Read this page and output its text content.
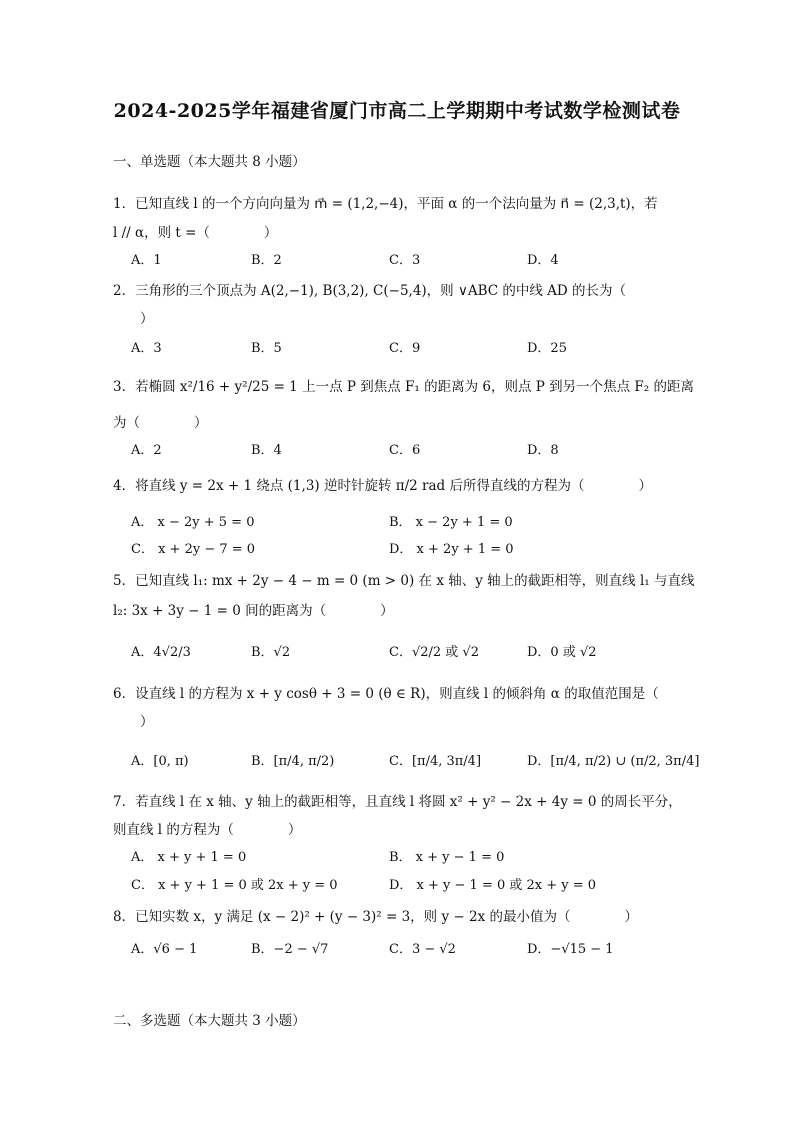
2024-2025学年福建省厦门市高二上学期期中考试数学检测试卷
一、单选题（本大题共 8 小题）
1．已知直线 l 的一个方向向量为 m⃗ = (1,2,−4)，平面 α 的一个法向量为 n⃗ = (2,3,t)，若
l // α，则 t =（　　　　）
A．1	B．2	C．3	D．4
2．三角形的三个顶点为 A(2,−1), B(3,2), C(−5,4)，则 ∨ABC 的中线 AD 的长为（
　　）
A．3	B．5	C．9	D．25
3．若椭圆 x²/16 + y²/25 = 1 上一点 P 到焦点 F₁ 的距离为 6，则点 P 到另一个焦点 F₂ 的距离
为（　　　　）
A．2	B．4	C．6	D．8
4．将直线 y = 2x + 1 绕点 (1,3) 逆时针旋转 π/2 rad 后所得直线的方程为（　　　　）
A． x − 2y + 5 = 0	B． x − 2y + 1 = 0
C． x + 2y − 7 = 0	D． x + 2y + 1 = 0
5．已知直线 l₁: mx + 2y − 4 − m = 0 (m > 0) 在 x 轴、y 轴上的截距相等，则直线 l₁ 与直线
l₂: 3x + 3y − 1 = 0 间的距离为（　　　　）
A．4√2/3	B．√2	C．√2/2 或 √2	D．0 或 √2
6．设直线 l 的方程为 x + y cosθ + 3 = 0 (θ ∈ R)，则直线 l 的倾斜角 α 的取值范围是（
　　）
A．[0, π)	B．[π/4, π/2)	C．[π/4, 3π/4]	D．[π/4, π/2) ∪ (π/2, 3π/4]
7．若直线 l 在 x 轴、y 轴上的截距相等，且直线 l 将圆 x² + y² − 2x + 4y = 0 的周长平分，
则直线 l 的方程为（　　　　）
A． x + y + 1 = 0	B． x + y − 1 = 0
C． x + y + 1 = 0 或 2x + y = 0	D． x + y − 1 = 0 或 2x + y = 0
8．已知实数 x，y 满足 (x − 2)² + (y − 3)² = 3，则 y − 2x 的最小值为（　　　　）
A．√6 − 1	B．−2 − √7	C．3 − √2	D．−√15 − 1
二、多选题（本大题共 3 小题）
